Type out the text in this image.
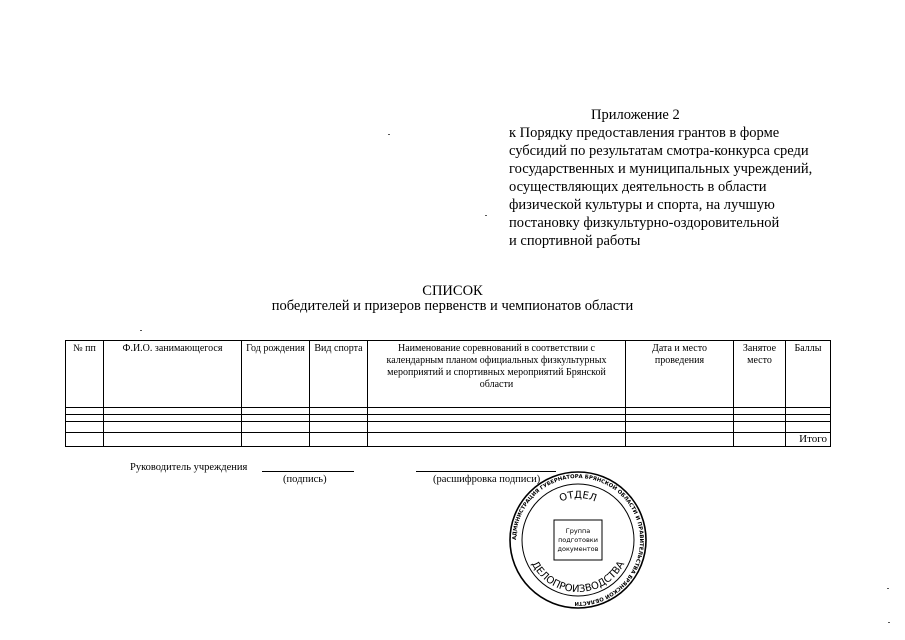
Приложение 2
к Порядку предоставления грантов в форме
субсидий по результатам смотра-конкурса среди
государственных и муниципальных учреждений,
осуществляющих деятельность в области
физической культуры и спорта, на лучшую
постановку физкультурно-оздоровительной
и спортивной работы
СПИСОК
победителей и призеров первенств и чемпионатов области
№ пп	Ф.И.О. занимающегося	Год рождения	Вид спорта	Наименование соревнований в соответствии с календарным планом официальных физкультурных мероприятий и спортивных мероприятий Брянской области	Дата и место проведения	Занятое место	Баллы

							Итого
Руководитель учреждения
(подпись)	(расшифровка подписи)
АДМИНИСТРАЦИЯ ГУБЕРНАТОРА БРЯНСКОЙ ОБЛАСТИ И ПРАВИТЕЛЬСТВА БРЯНСКОЙ ОБЛАСТИ
ОТДЕЛ
ДЕЛОПРОИЗВОДСТВА
Группа
подготовки
документов
